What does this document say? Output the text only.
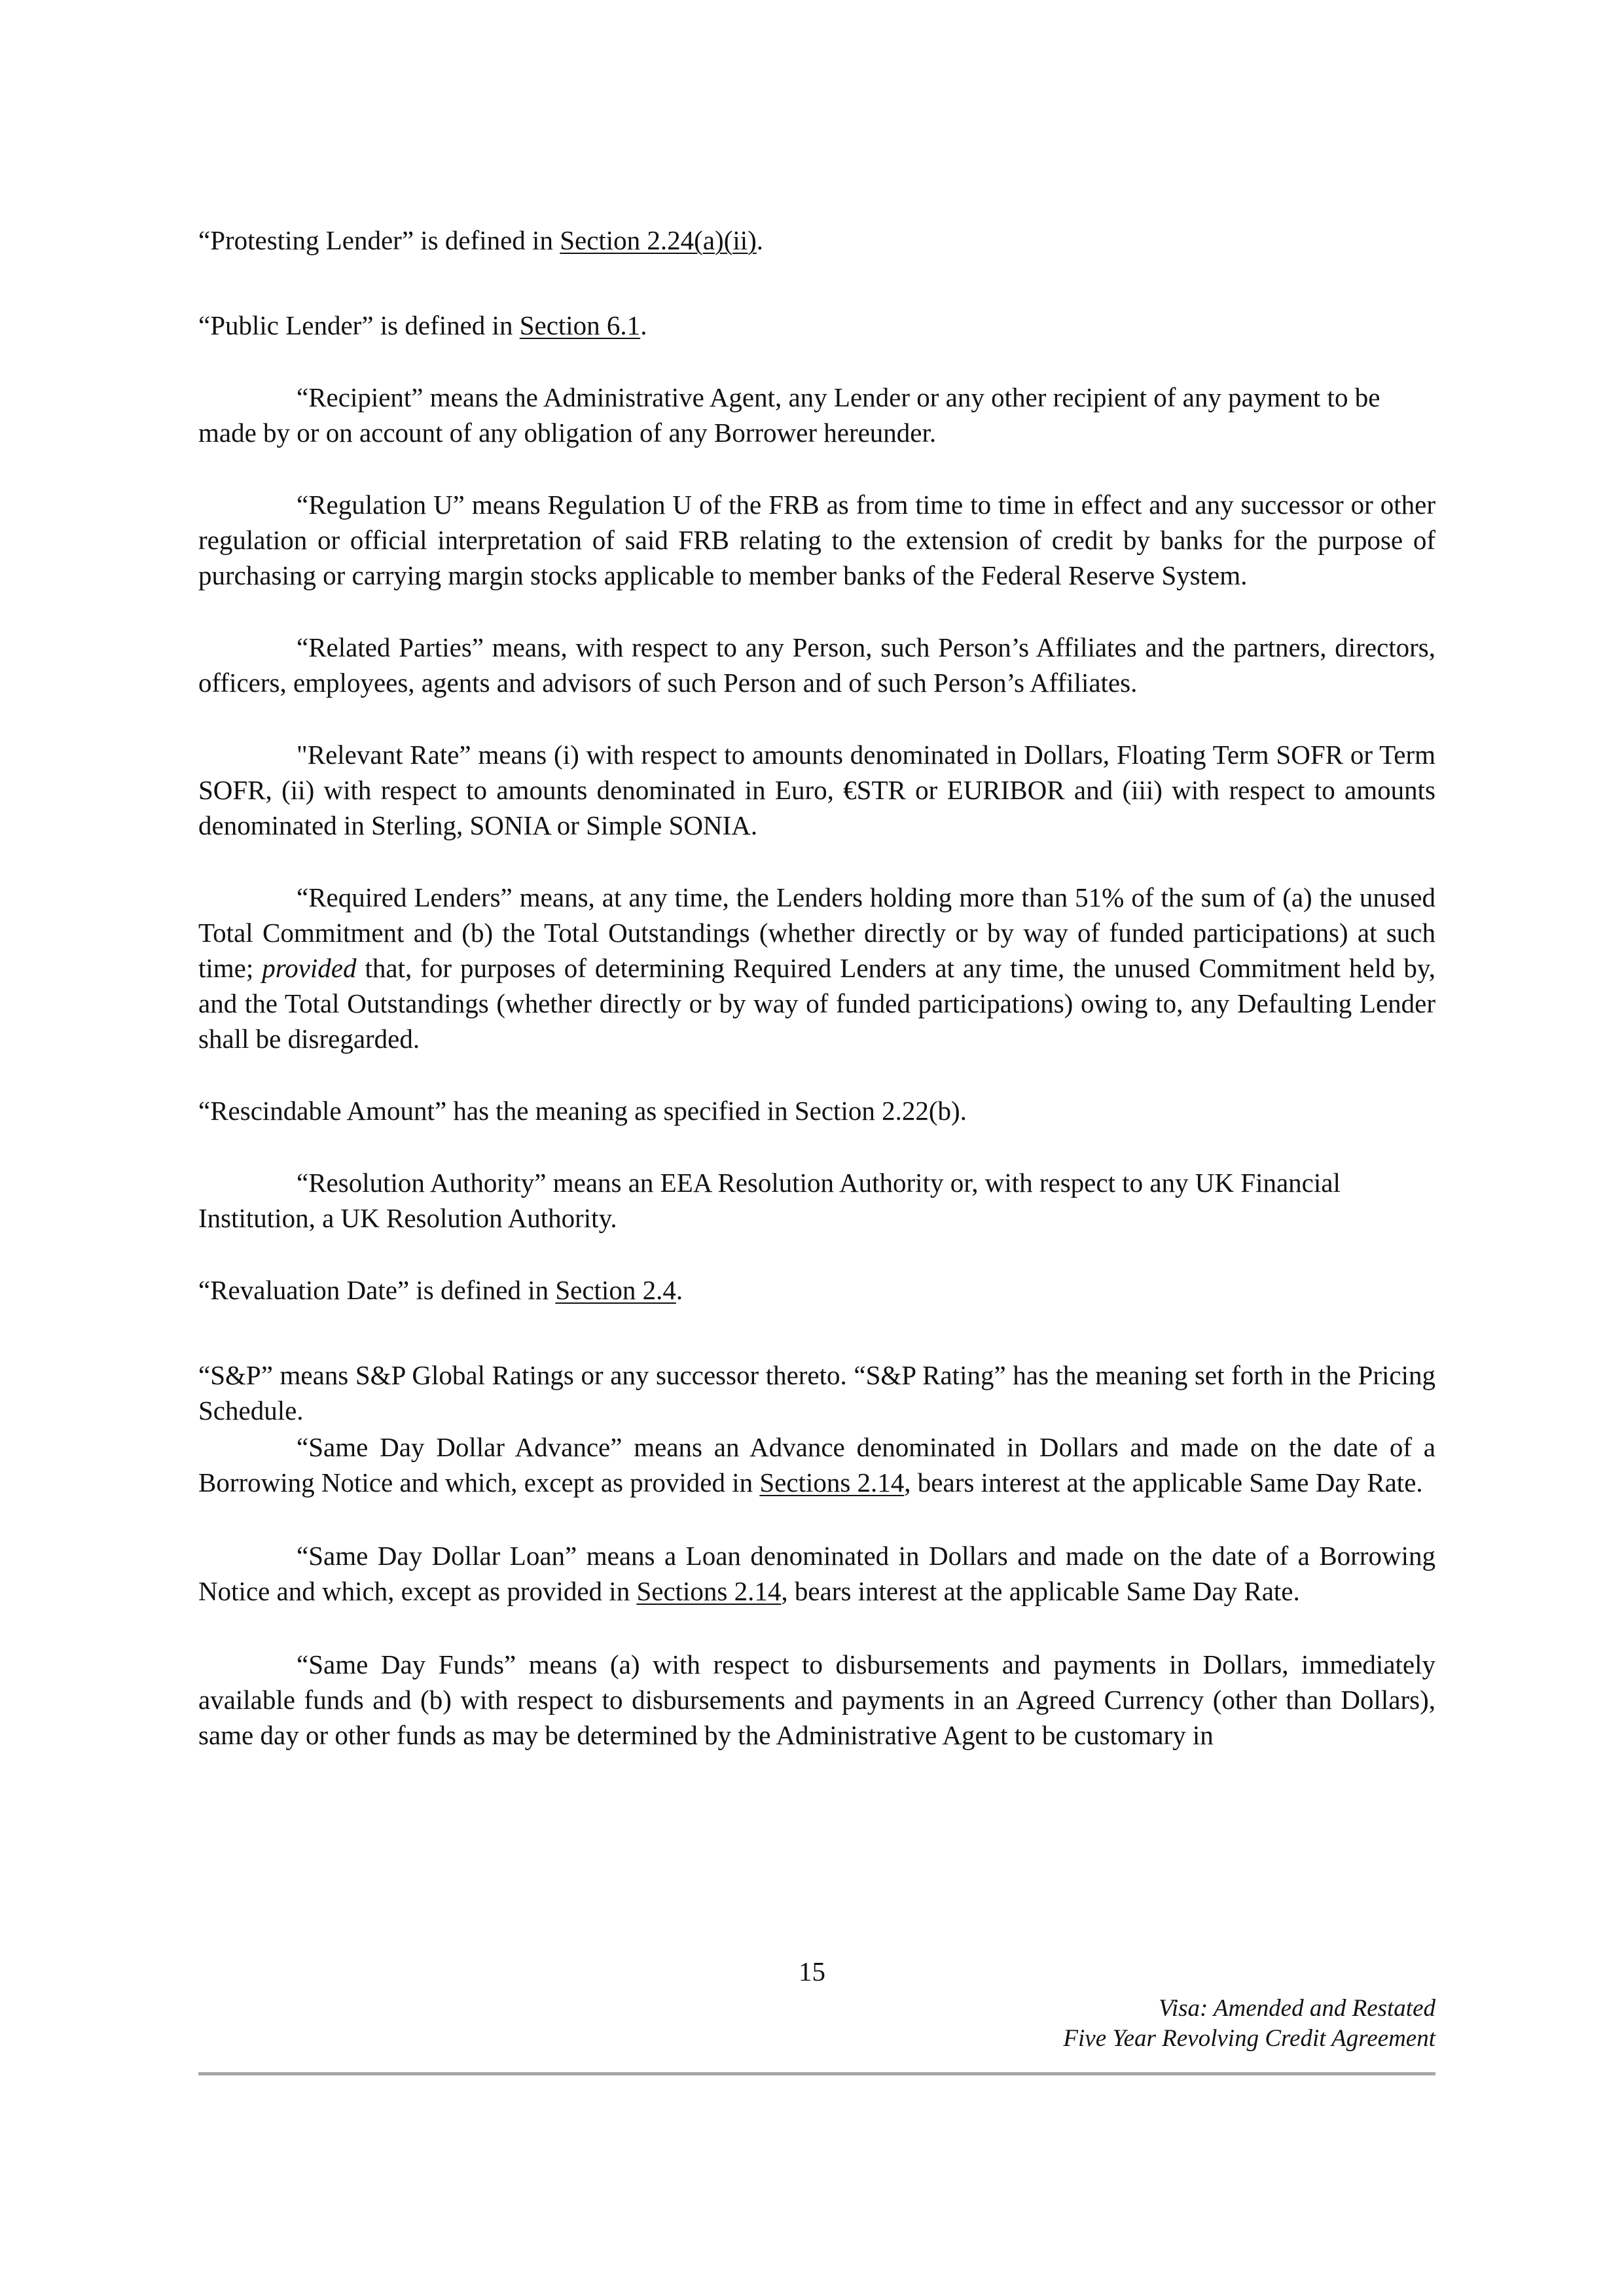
“Protesting Lender” is defined in Section 2.24(a)(ii).

“Public Lender” is defined in Section 6.1.

“Recipient” means the Administrative Agent, any Lender or any other recipient of any payment to be made by or on account of any obligation of any Borrower hereunder.

“Regulation U” means Regulation U of the FRB as from time to time in effect and any successor or other regulation or official interpretation of said FRB relating to the extension of credit by banks for the purpose of purchasing or carrying margin stocks applicable to member banks of the Federal Reserve System.

“Related Parties” means, with respect to any Person, such Person’s Affiliates and the partners, directors, officers, employees, agents and advisors of such Person and of such Person’s Affiliates.

"Relevant Rate” means (i) with respect to amounts denominated in Dollars, Floating Term SOFR or Term SOFR, (ii) with respect to amounts denominated in Euro, €STR or EURIBOR and (iii) with respect to amounts denominated in Sterling, SONIA or Simple SONIA.

“Required Lenders” means, at any time, the Lenders holding more than 51% of the sum of (a) the unused Total Commitment and (b) the Total Outstandings (whether directly or by way of funded participations) at such time; provided that, for purposes of determining Required Lenders at any time, the unused Commitment held by, and the Total Outstandings (whether directly or by way of funded participations) owing to, any Defaulting Lender shall be disregarded.

“Rescindable Amount” has the meaning as specified in Section 2.22(b).

“Resolution Authority” means an EEA Resolution Authority or, with respect to any UK Financial Institution, a UK Resolution Authority.

“Revaluation Date” is defined in Section 2.4.

“S&P” means S&P Global Ratings or any successor thereto. “S&P Rating” has the meaning set forth in the Pricing Schedule.

“Same Day Dollar Advance” means an Advance denominated in Dollars and made on the date of a Borrowing Notice and which, except as provided in Sections 2.14, bears interest at the applicable Same Day Rate.

“Same Day Dollar Loan” means a Loan denominated in Dollars and made on the date of a Borrowing Notice and which, except as provided in Sections 2.14, bears interest at the applicable Same Day Rate.

“Same Day Funds” means (a) with respect to disbursements and payments in Dollars, immediately available funds and (b) with respect to disbursements and payments in an Agreed Currency (other than Dollars), same day or other funds as may be determined by the Administrative Agent to be customary in

15
Visa: Amended and Restated
Five Year Revolving Credit Agreement
